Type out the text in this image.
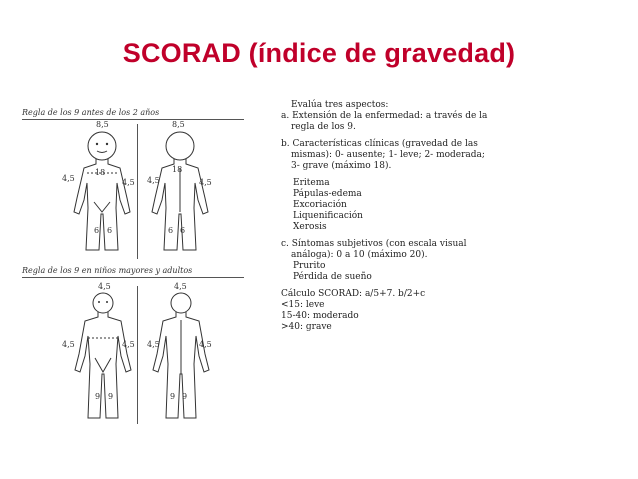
SCORAD (índice de gravedad)
Regla de los 9 antes de los 2 años
8,5	8,5
18	18
4,5	4,5 4,5	4,5
6 6	6 6
Regla de los 9 en niños mayores y adultos
4,5	4,5
4,5	4,5 4,5	4,5
9 9	9 9

Evalúa tres aspectos:

a. Extensión de la enfermedad: a través de la

regla de los 9.

b. Características clínicas (gravedad de las

mismas): 0- ausente; 1- leve; 2- moderada;

3- grave (máximo 18).

Eritema

Pápulas-edema

Excoriación

Liquenificación

Xerosis

c. Síntomas subjetivos (con escala visual

análoga): 0 a 10 (máximo 20).

Prurito

Pérdida de sueño

Cálculo SCORAD: a/5+7. b/2+c

<15: leve

15-40: moderado

>40: grave
